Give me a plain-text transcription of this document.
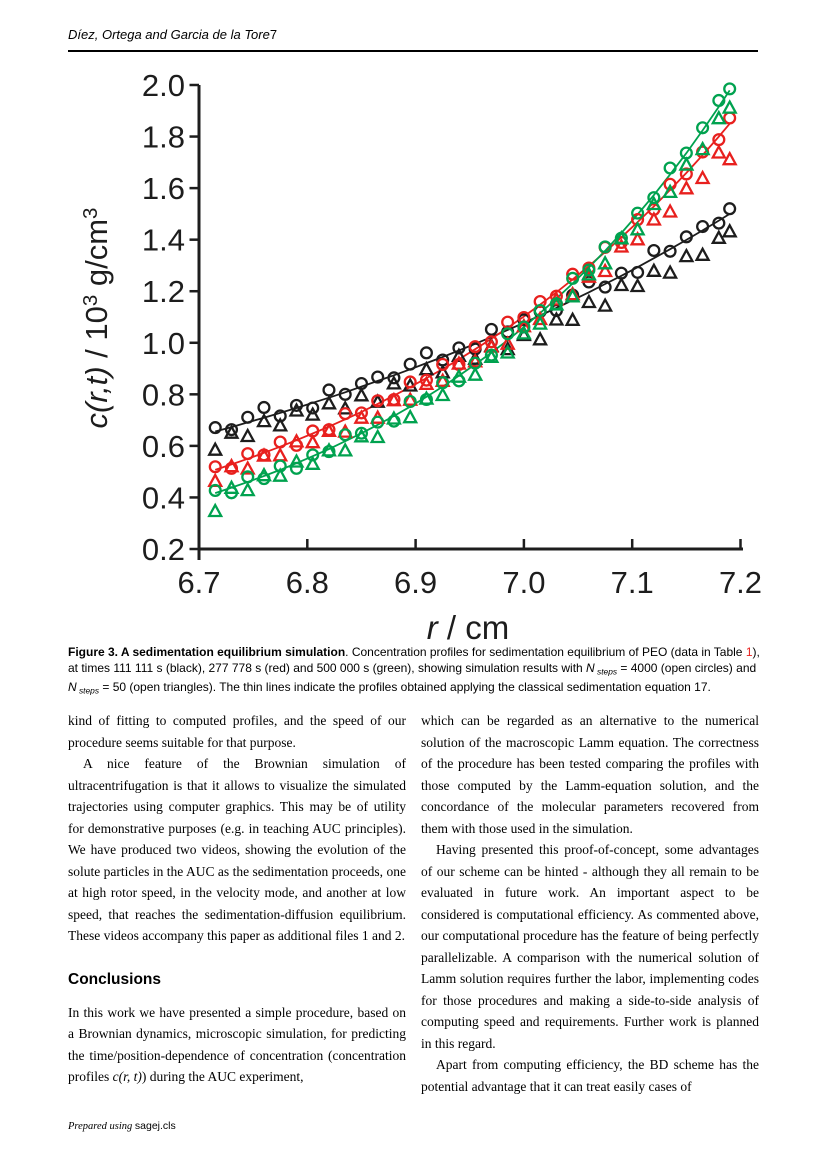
Díez, Ortega and Garcia de la Tore 7
0.2
0.4
0.6
0.8
1.0
1.2
1.4
1.6
1.8
2.0
6.7 6.8 6.9 7.0 7.1 7.2
$c(r,t) / 10^3$ $g/cm^3$
r / cm
Figure 3. A sedimentation equilibrium simulation. Concentration profiles for sedimentation equilibrium of PEO (data in Table 1), at times 111 111 s (black), 277 778 s (red) and 500 000 s (green), showing simulation results with N $_{steps}$ = 4000 (open circles) and N $_{steps}$ = 50 (open triangles). The thin lines indicate the profiles obtained applying the classical sedimentation equation 17.

kind of fitting to computed profiles, and the speed of our procedure seems suitable for that purpose.

A nice feature of the Brownian simulation of ultracentrifugation is that it allows to visualize the simulated trajectories using computer graphics. This may be of utility for demonstrative purposes (e.g. in teaching AUC principles). We have produced two videos, showing the evolution of the solute particles in the AUC as the sedimentation proceeds, one at high rotor speed, in the velocity mode, and another at low speed, that reaches the sedimentation-diffusion equilibrium. These videos accompany this paper as additional files 1 and 2.

Conclusions

In this work we have presented a simple procedure, based on a Brownian dynamics, microscopic simulation, for predicting the time/position-dependence of concentration (concentration profiles c(r, t)) during the AUC experiment,

which can be regarded as an alternative to the numerical solution of the macroscopic Lamm equation. The correctness of the procedure has been tested comparing the profiles with those computed by the Lamm-equation solution, and the concordance of the molecular parameters recovered from them with those used in the simulation.

Having presented this proof-of-concept, some advantages of our scheme can be hinted - although they all remain to be evaluated in future work. An important aspect to be considered is computational efficiency. As commented above, our computational procedure has the feature of being perfectly parallelizable. A comparison with the numerical solution of Lamm solution requires further the labor, implementing codes for those procedures and making a side-to-side analysis of computing speed and requirements. Further work is planned in this regard.

Apart from computing efficiency, the BD scheme has the potential advantage that it can treat easily cases of

Prepared using sagej.cls
